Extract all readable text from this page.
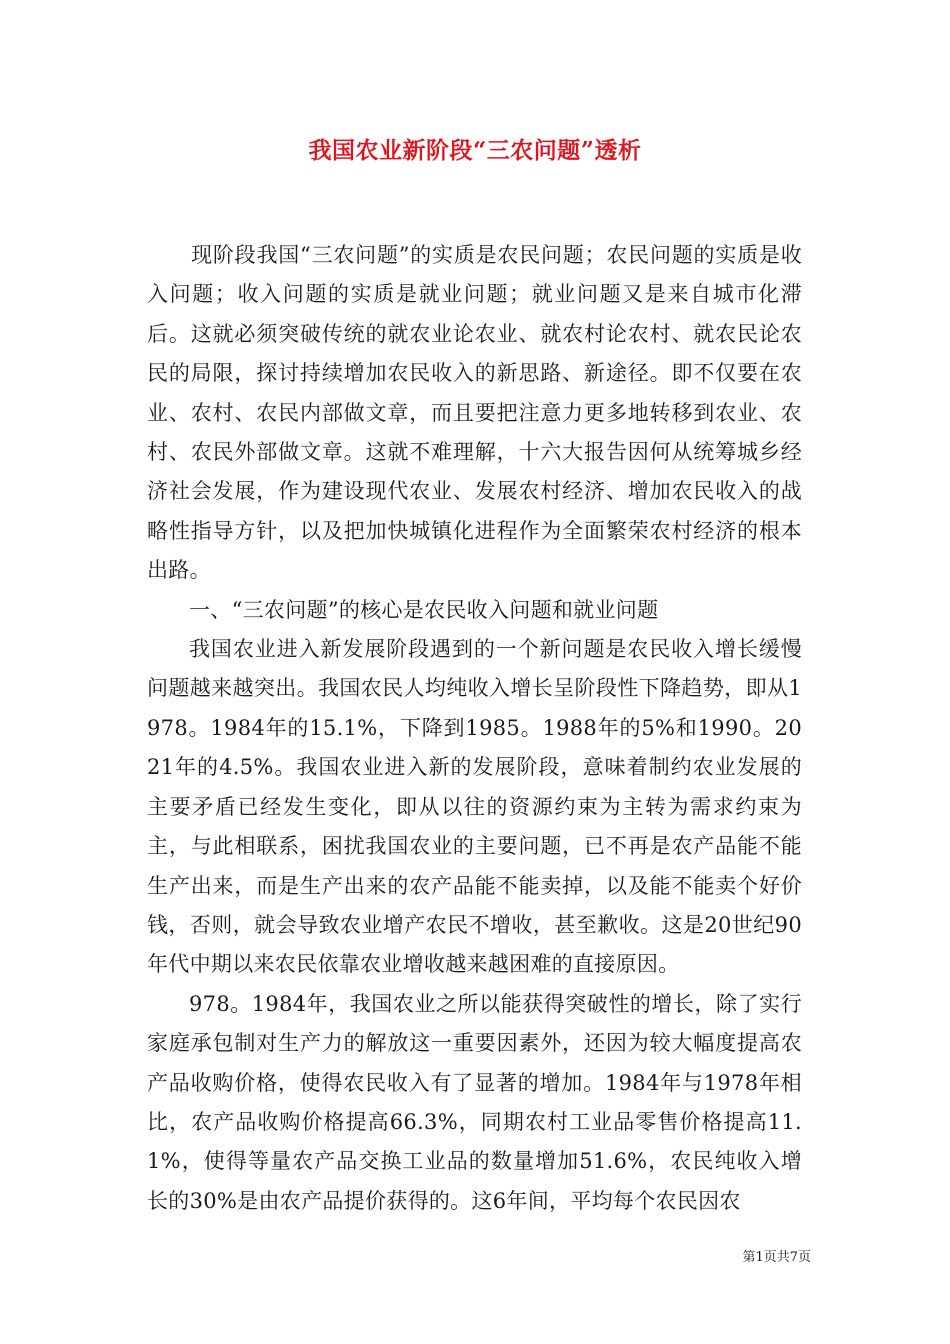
我国农业新阶段“三农问题”透析

现阶段我国“三农问题”的实质是农民问题；农民问题的实质是收入问题；收入问题的实质是就业问题；就业问题又是来自城市化滞后。这就必须突破传统的就农业论农业、就农村论农村、就农民论农民的局限，探讨持续增加农民收入的新思路、新途径。即不仅要在农业、农村、农民内部做文章，而且要把注意力更多地转移到农业、农村、农民外部做文章。这就不难理解，十六大报告因何从统筹城乡经济社会发展，作为建设现代农业、发展农村经济、增加农民收入的战略性指导方针，以及把加快城镇化进程作为全面繁荣农村经济的根本出路。

一、“三农问题”的核心是农民收入问题和就业问题

我国农业进入新发展阶段遇到的一个新问题是农民收入增长缓慢问题越来越突出。我国农民人均纯收入增长呈阶段性下降趋势，即从1978。1984年的15.1%，下降到1985。1988年的5%和1990。2021年的4.5%。我国农业进入新的发展阶段，意味着制约农业发展的主要矛盾已经发生变化，即从以往的资源约束为主转为需求约束为主，与此相联系，困扰我国农业的主要问题，已不再是农产品能不能生产出来，而是生产出来的农产品能不能卖掉，以及能不能卖个好价钱，否则，就会导致农业增产农民不增收，甚至歉收。这是20世纪90年代中期以来农民依靠农业增收越来越困难的直接原因。

978。1984年，我国农业之所以能获得突破性的增长，除了实行家庭承包制对生产力的解放这一重要因素外，还因为较大幅度提高农产品收购价格，使得农民收入有了显著的增加。1984年与1978年相比，农产品收购价格提高66.3%，同期农村工业品零售价格提高11.1%，使得等量农产品交换工业品的数量增加51.6%，农民纯收入增长的30%是由农产品提价获得的。这6年间，平均每个农民因农

第1页共7页
